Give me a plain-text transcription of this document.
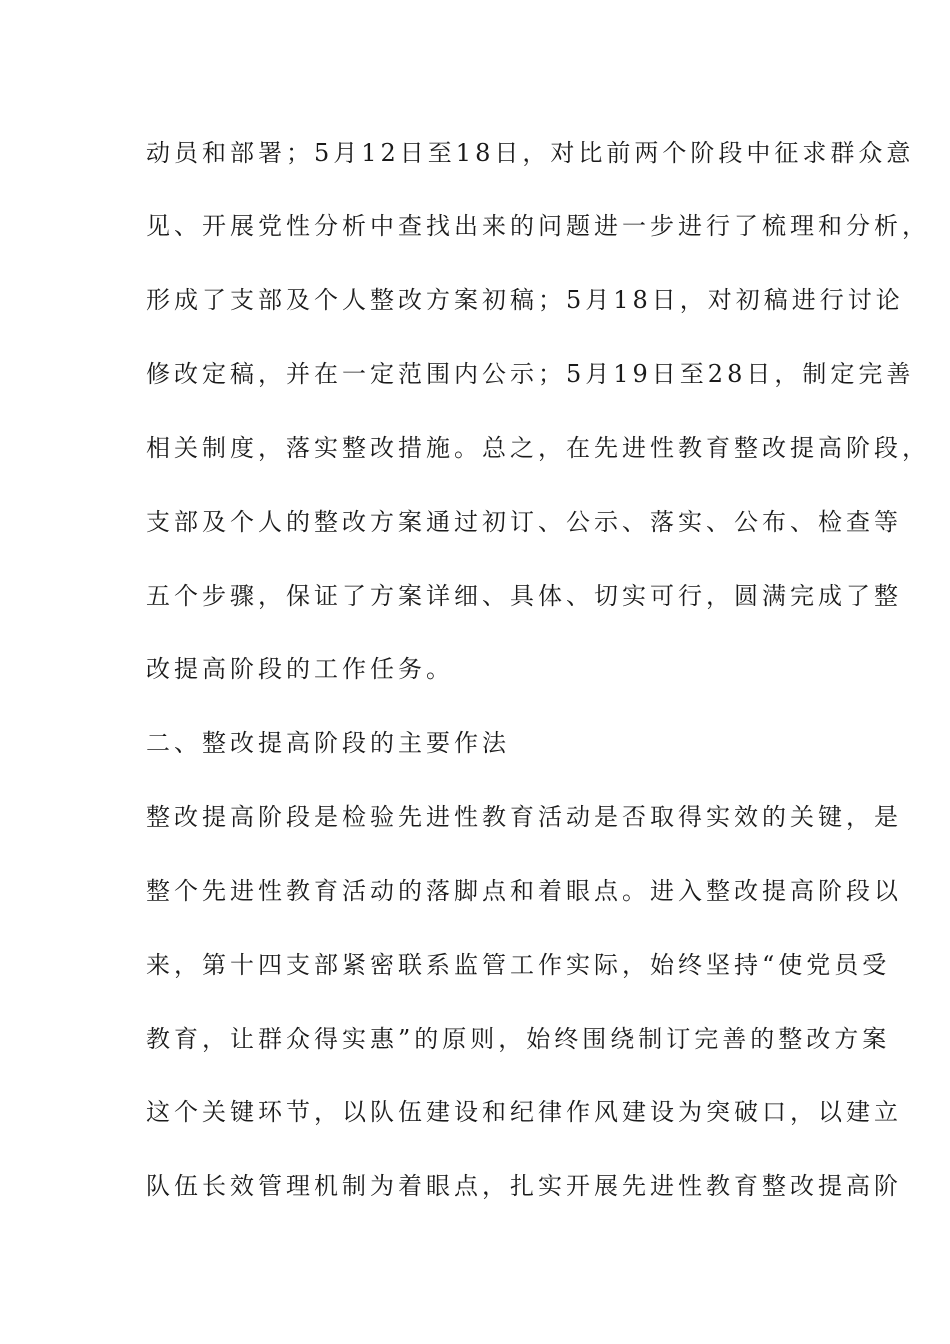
动员和部署；5月12日至18日，对比前两个阶段中征求群众意
见、开展党性分析中查找出来的问题进一步进行了梳理和分析，
形成了支部及个人整改方案初稿；5月18日，对初稿进行讨论
修改定稿，并在一定范围内公示；5月19日至28日，制定完善
相关制度，落实整改措施。总之，在先进性教育整改提高阶段，
支部及个人的整改方案通过初订、公示、落实、公布、检查等
五个步骤，保证了方案详细、具体、切实可行，圆满完成了整
改提高阶段的工作任务。
二、整改提高阶段的主要作法
整改提高阶段是检验先进性教育活动是否取得实效的关键，是
整个先进性教育活动的落脚点和着眼点。进入整改提高阶段以
来，第十四支部紧密联系监管工作实际，始终坚持“使党员受
教育，让群众得实惠”的原则，始终围绕制订完善的整改方案
这个关键环节，以队伍建设和纪律作风建设为突破口，以建立
队伍长效管理机制为着眼点，扎实开展先进性教育整改提高阶
